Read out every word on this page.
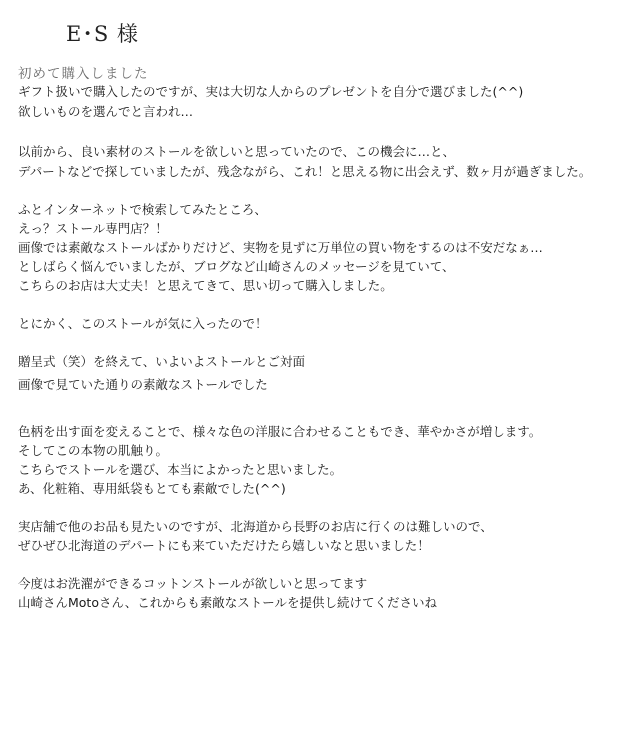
E･S 様
初めて購入しました
ギフト扱いで購入したのですが、実は大切な人からのプレゼントを自分で選びました(^^)
欲しいものを選んでと言われ…
以前から、良い素材のストールを欲しいと思っていたので、この機会に…と、
デパートなどで探していましたが、残念ながら、これ！と思える物に出会えず、数ヶ月が過ぎました。
ふとインターネットで検索してみたところ、
えっ？ストール専門店？！
画像では素敵なストールばかりだけど、実物を見ずに万単位の買い物をするのは不安だなぁ…
としばらく悩んでいましたが、ブログなど山崎さんのメッセージを見ていて、
こちらのお店は大丈夫！と思えてきて、思い切って購入しました。
とにかく、このストールが気に入ったので！
贈呈式（笑）を終えて、いよいよストールとご対面
画像で見ていた通りの素敵なストールでした
色柄を出す面を変えることで、様々な色の洋服に合わせることもでき、華やかさが増します。
そしてこの本物の肌触り。
こちらでストールを選び、本当によかったと思いました。
あ、化粧箱、専用紙袋もとても素敵でした(^^)
実店舗で他のお品も見たいのですが、北海道から長野のお店に行くのは難しいので、
ぜひぜひ北海道のデパートにも来ていただけたら嬉しいなと思いました！
今度はお洗濯ができるコットンストールが欲しいと思ってます
山崎さんMotoさん、これからも素敵なストールを提供し続けてくださいね
